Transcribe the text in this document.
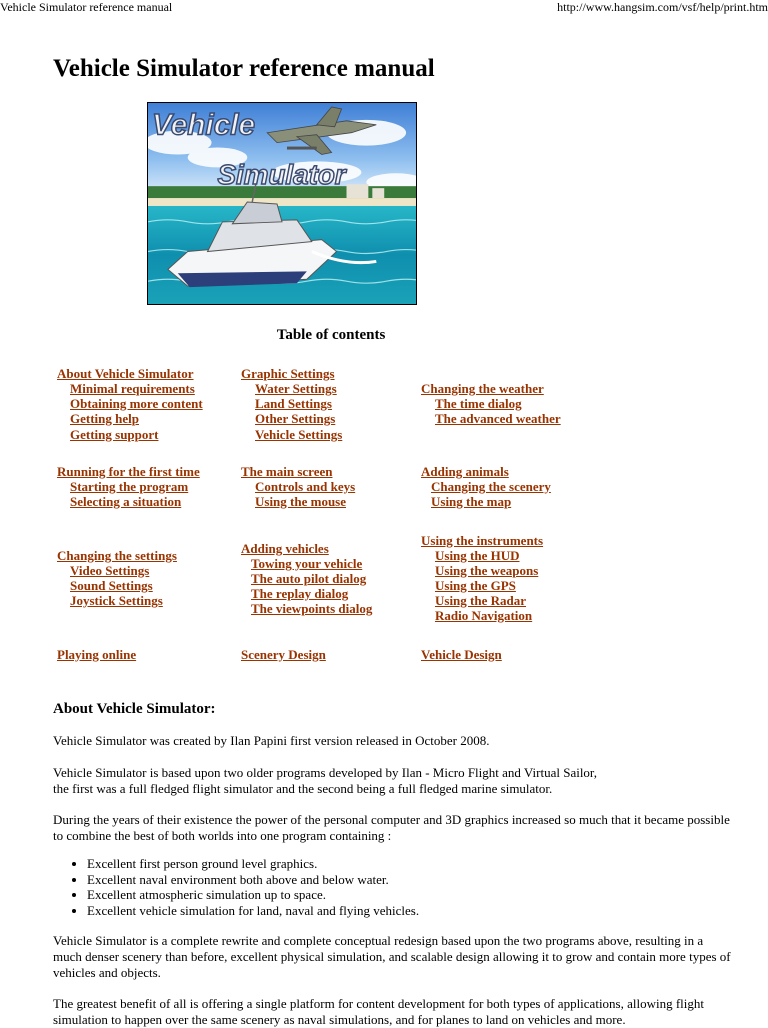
Vehicle Simulator reference manual	http://www.hangsim.com/vsf/help/print.htm
Vehicle Simulator reference manual
Vehicle
Simulator
Table of contents
About Vehicle Simulator
Minimal requirements
Obtaining more content
Getting help
Getting support
Running for the first time
Starting the program
Selecting a situation
Changing the settings
Video Settings
Sound Settings
Joystick Settings
Playing online
Graphic Settings
Water Settings
Land Settings
Other Settings
Vehicle Settings
The main screen
Controls and keys
Using the mouse
Adding vehicles
Towing your vehicle
The auto pilot dialog
The replay dialog
The viewpoints dialog
Scenery Design
Changing the weather
The time dialog
The advanced weather
Adding animals
Changing the scenery
Using the map
Using the instruments
Using the HUD
Using the weapons
Using the GPS
Using the Radar
Radio Navigation
Vehicle Design
About Vehicle Simulator:

Vehicle Simulator was created by Ilan Papini first version released in October 2008.

Vehicle Simulator is based upon two older programs developed by Ilan - Micro Flight and Virtual Sailor,
the first was a full fledged flight simulator and the second being a full fledged marine simulator.

During the years of their existence the power of the personal computer and 3D graphics increased so much that it became possible to combine the best of both worlds into one program containing :

• Excellent first person ground level graphics.
• Excellent naval environment both above and below water.
• Excellent atmospheric simulation up to space.
• Excellent vehicle simulation for land, naval and flying vehicles.

Vehicle Simulator is a complete rewrite and complete conceptual redesign based upon the two programs above, resulting in a much denser scenery than before, excellent physical simulation, and scalable design allowing it to grow and contain more types of vehicles and objects.

The greatest benefit of all is offering a single platform for content development for both types of applications, allowing flight simulation to happen over the same scenery as naval simulations, and for planes to land on vehicles and more.
